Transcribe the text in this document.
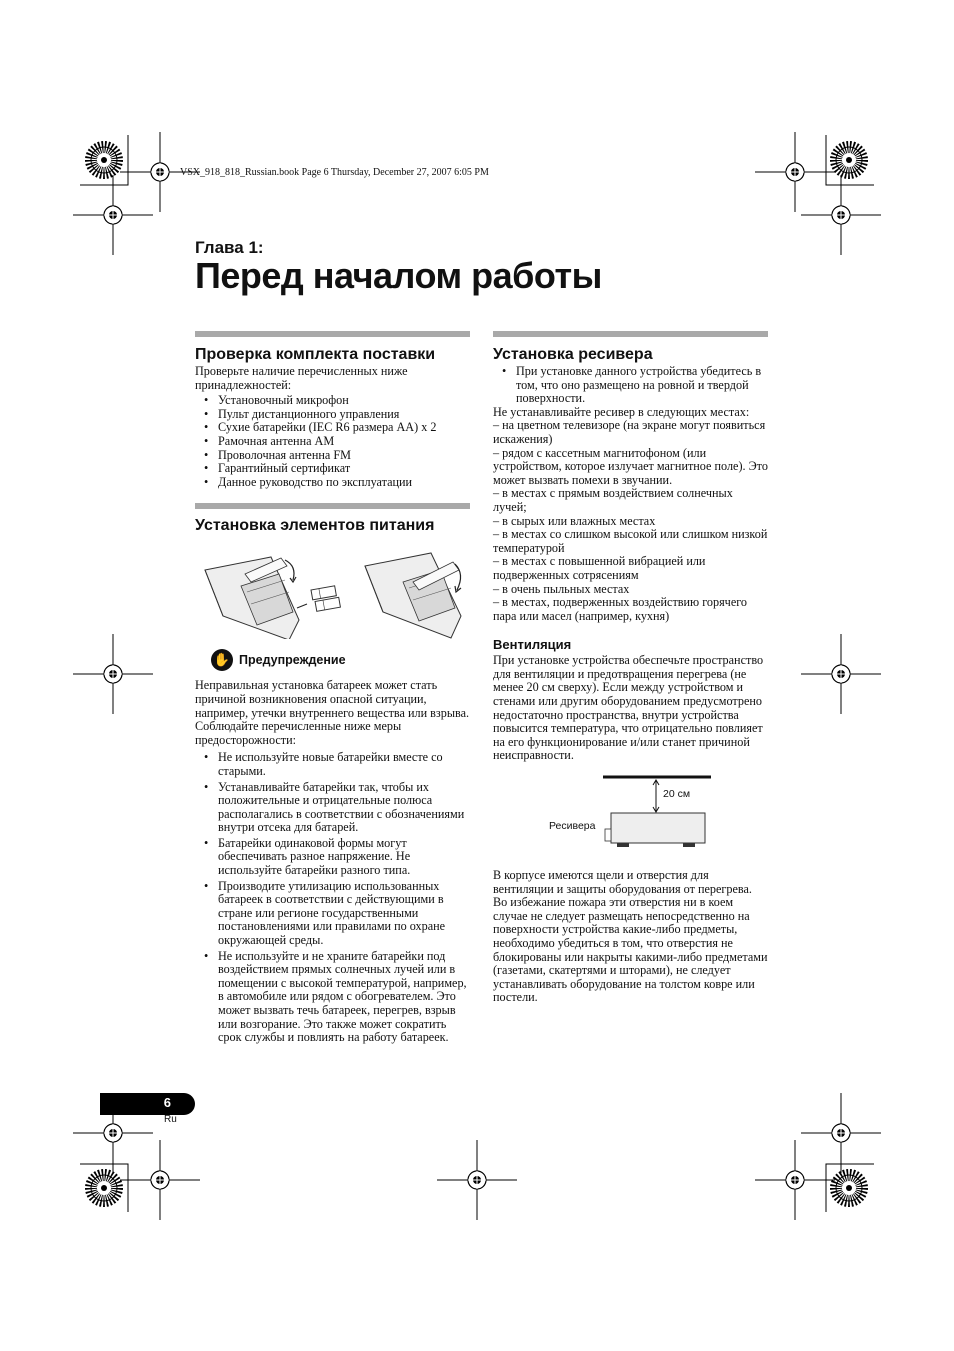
VSX_918_818_Russian.book Page 6 Thursday, December 27, 2007 6:05 PM
Глава 1:
Перед началом работы
Проверка комплекта поставки

Проверьте наличие перечисленных ниже принадлежностей:

• Установочный микрофон
• Пульт дистанционного управления
• Сухие батарейки (IEC R6 размера AA) x 2
• Рамочная антенна AM
• Проволочная антенна FM
• Гарантийный сертификат
• Данное руководство по эксплуатации
Установка элементов питания
✋ Предупреждение

Неправильная установка батареек может стать причиной возникновения опасной ситуации, например, утечки внутреннего вещества или взрыва. Соблюдайте перечисленные ниже меры предосторожности:

• Не используйте новые батарейки вместе со старыми.
• Устанавливайте батарейки так, чтобы их положительные и отрицательные полюса располагались в соответствии с обозначениями внутри отсека для батарей.
• Батарейки одинаковой формы могут обеспечивать разное напряжение. Не используйте батарейки разного типа.
• Производите утилизацию использованных батареек в соответствии с действующими в стране или регионе государственными постановлениями или правилами по охране окружающей среды.
• Не используйте и не храните батарейки под воздействием прямых солнечных лучей или в помещении с высокой температурой, например, в автомобиле или рядом с обогревателем. Это может вызвать течь батареек, перегрев, взрыв или возгорание. Это также может сократить срок службы и повлиять на работу батареек.
Установка ресивера
• При установке данного устройства убедитесь в том, что оно размещено на ровной и твердой поверхности.

Не устанавливайте ресивер в следующих местах:

– на цветном телевизоре (на экране могут появиться искажения)

– рядом с кассетным магнитофоном (или устройством, которое излучает магнитное поле). Это может вызвать помехи в звучании.

– в местах с прямым воздействием солнечных лучей;

– в сырых или влажных местах

– в местах со слишком высокой или слишком низкой температурой

– в местах с повышенной вибрацией или подверженных сотрясениям

– в очень пыльных местах

– в местах, подверженных воздействию горячего пара или масел (например, кухня)

Вентиляция

При установке устройства обеспечьте пространство для вентиляции и предотвращения перегрева (не менее 20 см сверху). Если между устройством и стенами или другим оборудованием предусмотрено недостаточно пространства, внутри устройства повысится температура, что отрицательно повлияет на его функционирование и/или станет причиной неисправности.

20 см
Ресивера

В корпусе имеются щели и отверстия для вентиляции и защиты оборудования от перегрева. Во избежание пожара эти отверстия ни в коем случае не следует размещать непосредственно на поверхности устройства какие-либо предметы, необходимо убедиться в том, что отверстия не блокированы или накрыты какими-либо предметами (газетами, скатертями и шторами), не следует устанавливать оборудование на толстом ковре или постели.

6
Ru
